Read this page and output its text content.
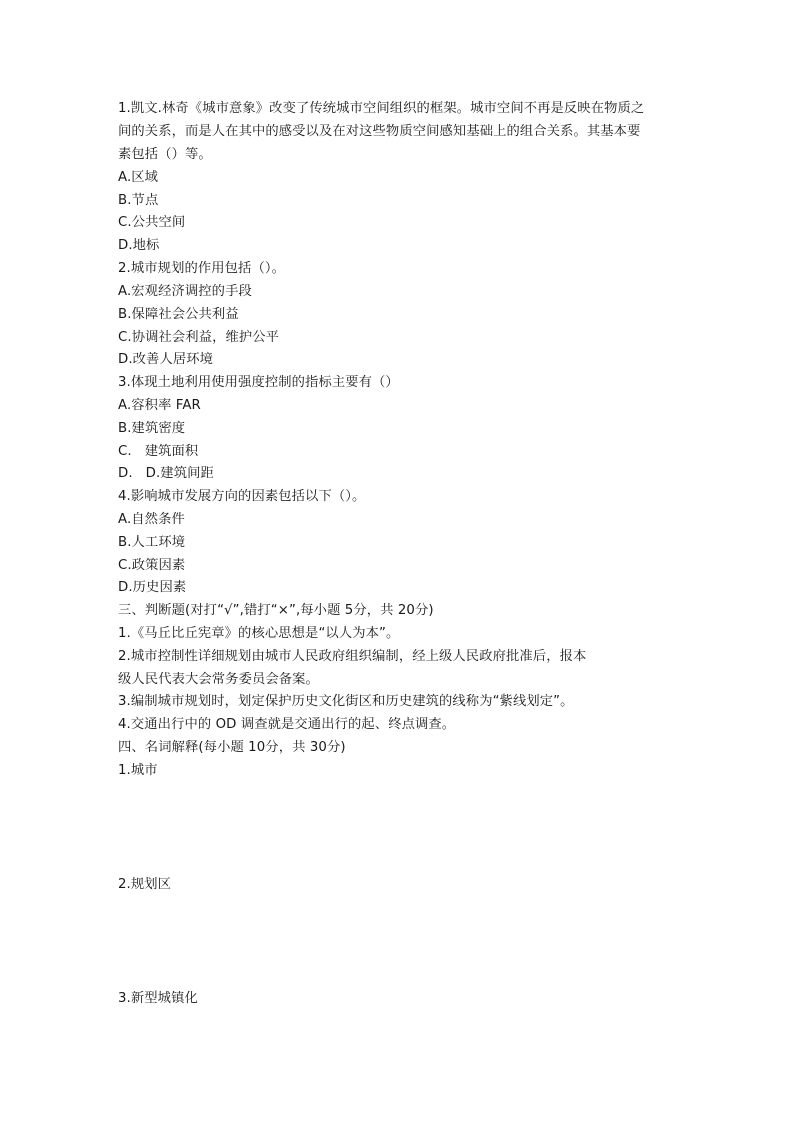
1.凯文.林奇《城市意象》改变了传统城市空间组织的框架。城市空间不再是反映在物质之
间的关系，而是人在其中的感受以及在对这些物质空间感知基础上的组合关系。其基本要
素包括（）等。
A.区域
B.节点
C.公共空间
D.地标
2.城市规划的作用包括（）。
A.宏观经济调控的手段
B.保障社会公共利益
C.协调社会利益，维护公平
D.改善人居环境
3.体现土地利用使用强度控制的指标主要有（）
A.容积率 FAR
B.建筑密度
C.   建筑面积
D.   D.建筑间距
4.影响城市发展方向的因素包括以下（）。
A.自然条件
B.人工环境
C.政策因素
D.历史因素
三、判断题(对打“√”,错打“×”,每小题 5分，共 20分)
1.《马丘比丘宪章》的核心思想是“以人为本”。
2.城市控制性详细规划由城市人民政府组织编制，经上级人民政府批准后，报本
级人民代表大会常务委员会备案。
3.编制城市规划时，划定保护历史文化街区和历史建筑的线称为“紫线划定”。
4.交通出行中的 OD 调查就是交通出行的起、终点调查。
四、名词解释(每小题 10分，共 30分)
1.城市
2.规划区
3.新型城镇化
